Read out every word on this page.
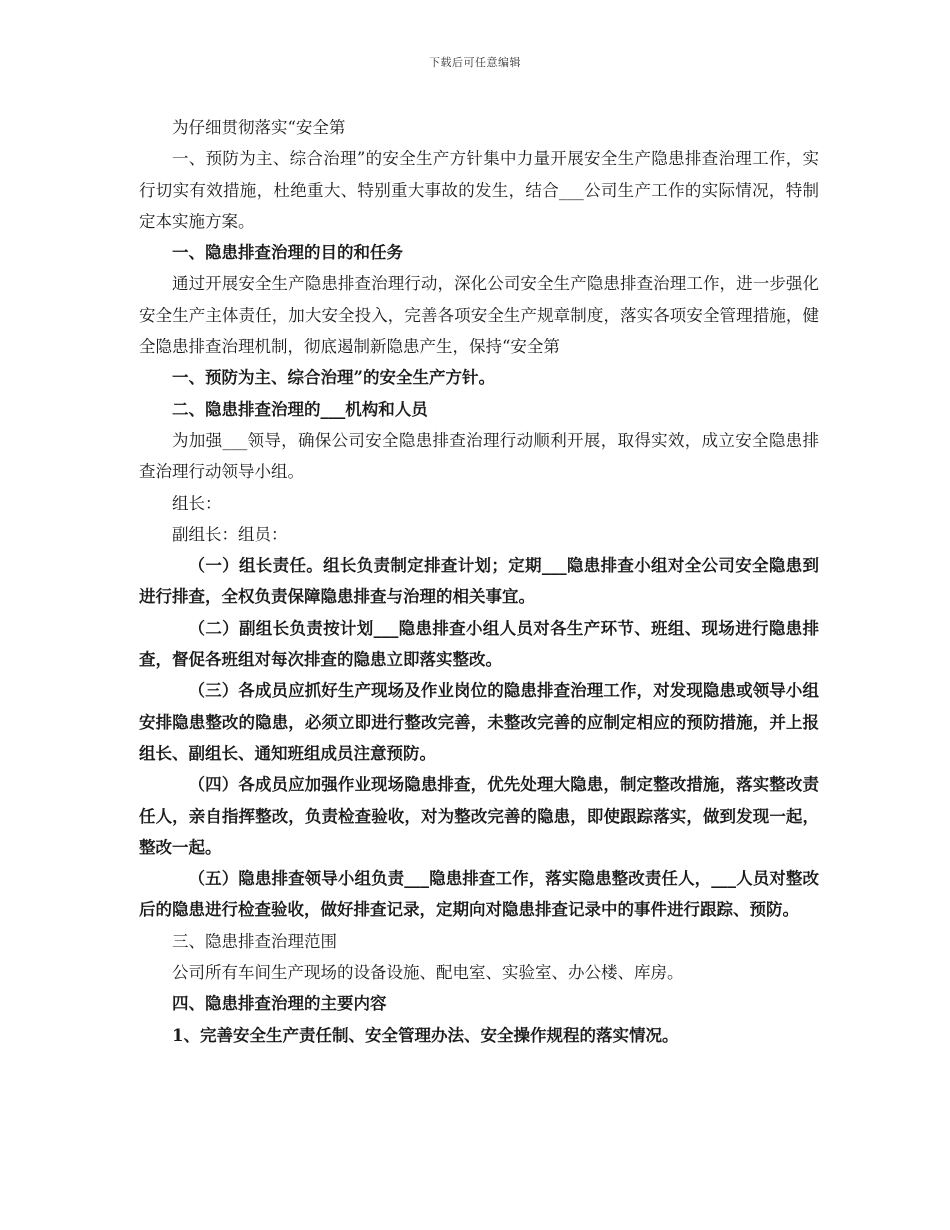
下载后可任意编辑

为仔细贯彻落实“安全第

一、预防为主、综合治理”的安全生产方针集中力量开展安全生产隐患排查治理工作，实行切实有效措施，杜绝重大、特别重大事故的发生，结合___公司生产工作的实际情况，特制定本实施方案。

一、隐患排查治理的目的和任务

通过开展安全生产隐患排查治理行动，深化公司安全生产隐患排查治理工作，进一步强化安全生产主体责任，加大安全投入，完善各项安全生产规章制度，落实各项安全管理措施，健全隐患排查治理机制，彻底遏制新隐患产生，保持“安全第

一、预防为主、综合治理”的安全生产方针。

二、隐患排查治理的___机构和人员

为加强___领导，确保公司安全隐患排查治理行动顺利开展，取得实效，成立安全隐患排查治理行动领导小组。

组长：

副组长：组员：

（一）组长责任。组长负责制定排查计划；定期___隐患排查小组对全公司安全隐患到进行排查，全权负责保障隐患排查与治理的相关事宜。

（二）副组长负责按计划___隐患排查小组人员对各生产环节、班组、现场进行隐患排查，督促各班组对每次排查的隐患立即落实整改。

（三）各成员应抓好生产现场及作业岗位的隐患排查治理工作，对发现隐患或领导小组安排隐患整改的隐患，必须立即进行整改完善，未整改完善的应制定相应的预防措施，并上报组长、副组长、通知班组成员注意预防。

（四）各成员应加强作业现场隐患排查，优先处理大隐患，制定整改措施，落实整改责任人，亲自指挥整改，负责检查验收，对为整改完善的隐患，即使跟踪落实，做到发现一起，整改一起。

（五）隐患排查领导小组负责___隐患排查工作，落实隐患整改责任人，___人员对整改后的隐患进行检查验收，做好排查记录，定期向对隐患排查记录中的事件进行跟踪、预防。

三、隐患排查治理范围

公司所有车间生产现场的设备设施、配电室、实验室、办公楼、库房。

四、隐患排查治理的主要内容

1、完善安全生产责任制、安全管理办法、安全操作规程的落实情况。
